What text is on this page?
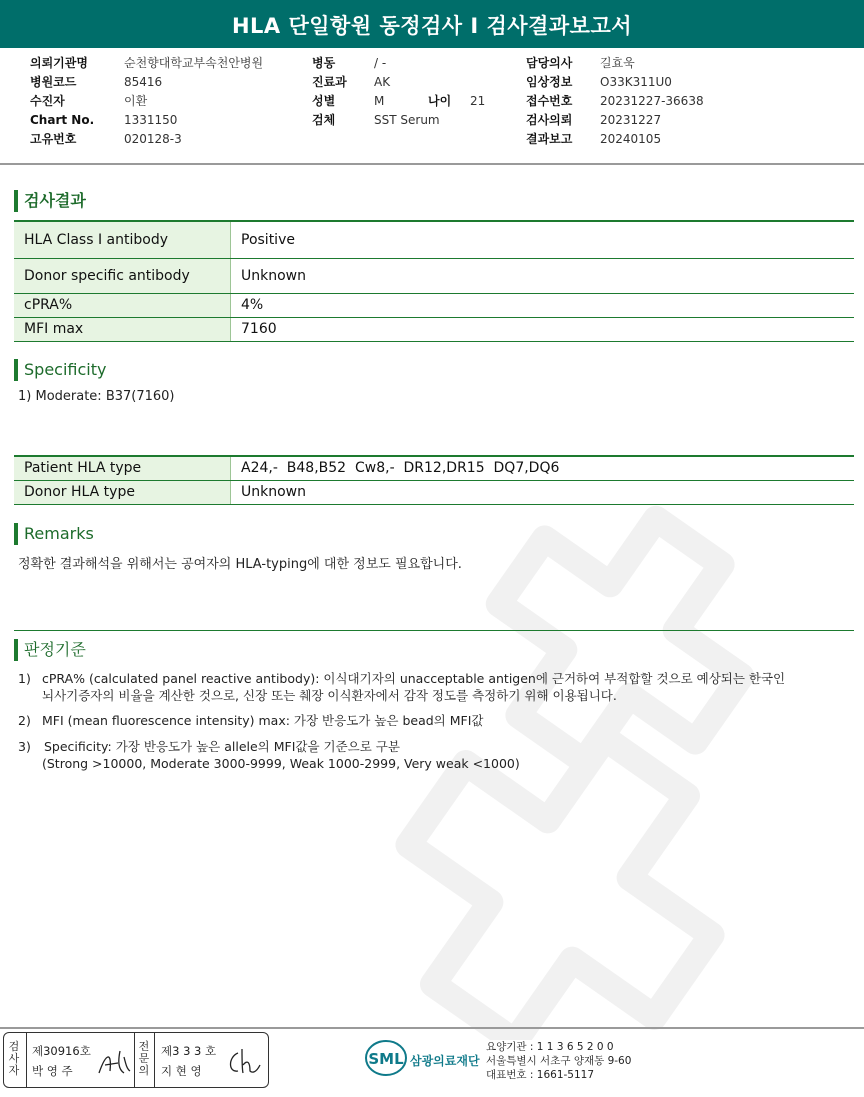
HLA 단일항원 동정검사 I 검사결과보고서
의뢰기관명	순천향대학교부속천안병원
병원코드	85416
수진자	이환
Chart No. 1331150
고유번호	020128-3
병동	/ -
진료과 AK
성별	M	나이 21
검체	SST Serum
담당의사 길효욱
임상정보 O33K311U0
접수번호 20231227-36638
검사의뢰 20231227
결과보고 20240105
검사결과
HLA Class I antibody	Positive
Donor specific antibody	Unknown
cPRA%	4%
MFI max	7160
Specificity
1) Moderate: B37(7160)
Patient HLA type	A24,-  B48,B52  Cw8,-  DR12,DR15  DQ7,DQ6
Donor HLA type	Unknown
Remarks
정확한 결과해석을 위해서는 공여자의 HLA-typing에 대한 정보도 필요합니다.
판정기준
1) cPRA% (calculated panel reactive antibody): 이식대기자의 unacceptable antigen에 근거하여 부적합할 것으로 예상되는 한국인
뇌사기증자의 비율을 계산한 것으로, 신장 또는 췌장 이식환자에서 감작 정도를 측정하기 위해 이용됩니다.
2) MFI (mean fluorescence intensity) max: 가장 반응도가 높은 bead의 MFI값
3) Specificity: 가장 반응도가 높은 allele의 MFI값을 기준으로 구분
(Strong >10000, Moderate 3000-9999, Weak 1000-2999, Very weak <1000)
검
사
자
제30916호
박 영 주
전
문
의
제3 3 3 호
지 현 영
SML 삼광의료재단
요양기관 : 1 1 3 6 5 2 0 0
서울특별시 서초구 양재동 9-60
대표번호 : 1661-5117
